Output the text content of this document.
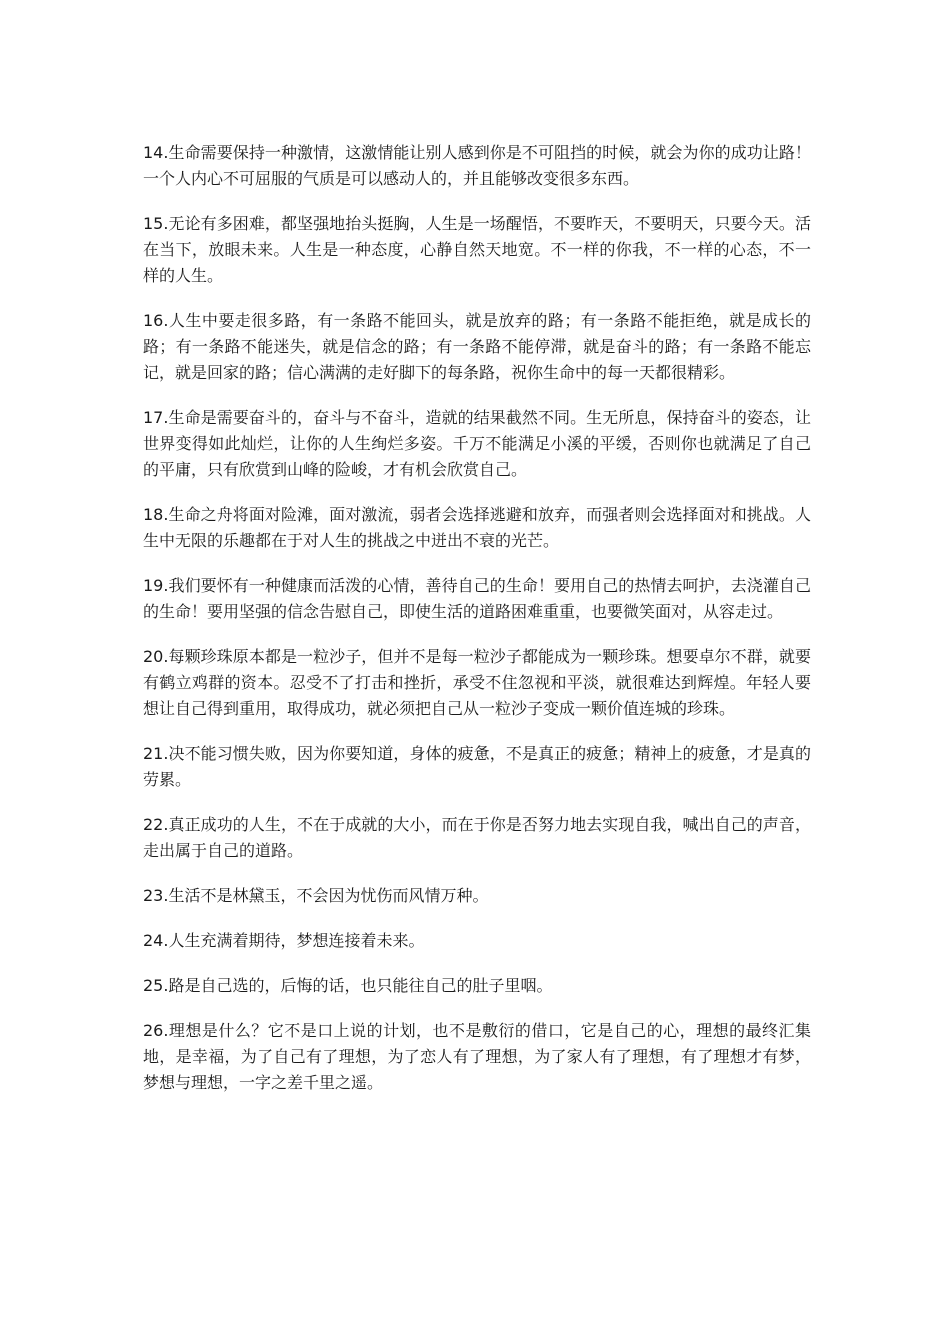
14.生命需要保持一种激情，这激情能让别人感到你是不可阻挡的时候，就会为你的成功让路！一个人内心不可屈服的气质是可以感动人的，并且能够改变很多东西。

15.无论有多困难，都坚强地抬头挺胸，人生是一场醒悟，不要昨天，不要明天，只要今天。活在当下，放眼未来。人生是一种态度，心静自然天地宽。不一样的你我，不一样的心态，不一样的人生。

16.人生中要走很多路，有一条路不能回头，就是放弃的路；有一条路不能拒绝，就是成长的路；有一条路不能迷失，就是信念的路；有一条路不能停滞，就是奋斗的路；有一条路不能忘记，就是回家的路；信心满满的走好脚下的每条路，祝你生命中的每一天都很精彩。

17.生命是需要奋斗的，奋斗与不奋斗，造就的结果截然不同。生无所息，保持奋斗的姿态，让世界变得如此灿烂，让你的人生绚烂多姿。千万不能满足小溪的平缓，否则你也就满足了自己的平庸，只有欣赏到山峰的险峻，才有机会欣赏自己。

18.生命之舟将面对险滩，面对激流，弱者会选择逃避和放弃，而强者则会选择面对和挑战。人生中无限的乐趣都在于对人生的挑战之中迸出不衰的光芒。

19.我们要怀有一种健康而活泼的心情，善待自己的生命！要用自己的热情去呵护，去浇灌自己的生命！要用坚强的信念告慰自己，即使生活的道路困难重重，也要微笑面对，从容走过。

20.每颗珍珠原本都是一粒沙子，但并不是每一粒沙子都能成为一颗珍珠。想要卓尔不群，就要有鹤立鸡群的资本。忍受不了打击和挫折，承受不住忽视和平淡，就很难达到辉煌。年轻人要想让自己得到重用，取得成功，就必须把自己从一粒沙子变成一颗价值连城的珍珠。

21.决不能习惯失败，因为你要知道，身体的疲惫，不是真正的疲惫；精神上的疲惫，才是真的劳累。

22.真正成功的人生，不在于成就的大小，而在于你是否努力地去实现自我，喊出自己的声音，走出属于自己的道路。

23.生活不是林黛玉，不会因为忧伤而风情万种。

24.人生充满着期待，梦想连接着未来。

25.路是自己选的，后悔的话，也只能往自己的肚子里咽。

26.理想是什么？它不是口上说的计划，也不是敷衍的借口，它是自己的心，理想的最终汇集地，是幸福，为了自己有了理想，为了恋人有了理想，为了家人有了理想，有了理想才有梦，梦想与理想，一字之差千里之遥。
